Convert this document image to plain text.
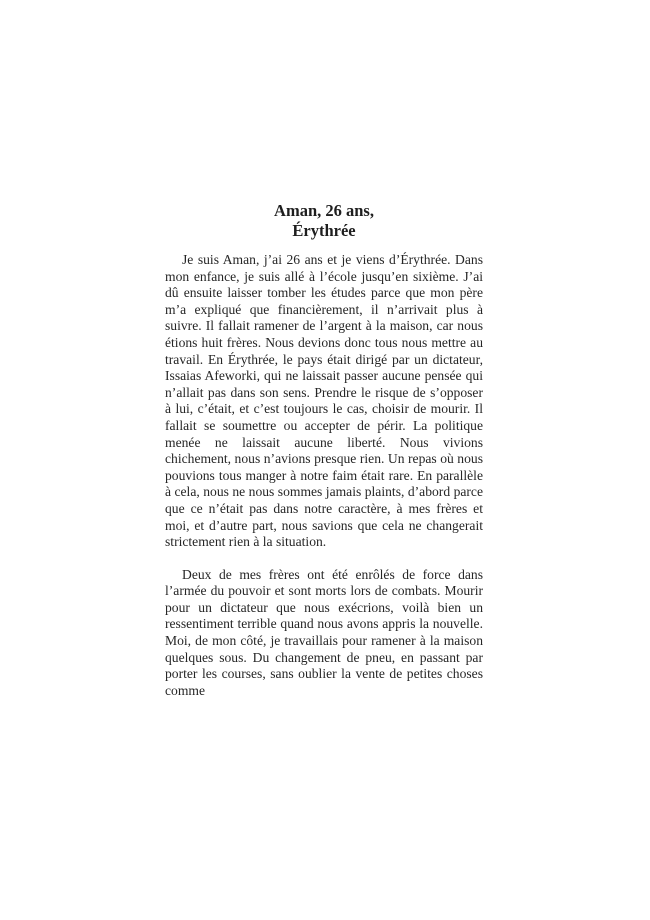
Aman, 26 ans,
Érythrée

Je suis Aman, j’ai 26 ans et je viens d’Érythrée. Dans mon enfance, je suis allé à l’école jusqu’en sixième. J’ai dû ensuite laisser tomber les études parce que mon père m’a expliqué que financièrement, il n’arrivait plus à suivre. Il fallait ramener de l’argent à la maison, car nous étions huit frères. Nous devions donc tous nous mettre au travail. En Érythrée, le pays était dirigé par un dictateur, Issaias Afeworki, qui ne laissait passer aucune pensée qui n’allait pas dans son sens. Prendre le risque de s’opposer à lui, c’était, et c’est toujours le cas, choisir de mourir. Il fallait se soumettre ou accepter de périr. La politique menée ne laissait aucune liberté. Nous vivions chichement, nous n’avions presque rien. Un repas où nous pouvions tous manger à notre faim était rare. En parallèle à cela, nous ne nous sommes jamais plaints, d’abord parce que ce n’était pas dans notre caractère, à mes frères et moi, et d’autre part, nous savions que cela ne changerait strictement rien à la situation.

Deux de mes frères ont été enrôlés de force dans l’armée du pouvoir et sont morts lors de combats. Mourir pour un dictateur que nous exécrions, voilà bien un ressentiment terrible quand nous avons appris la nouvelle. Moi, de mon côté, je travaillais pour ramener à la maison quelques sous. Du changement de pneu, en passant par porter les courses, sans oublier la vente de petites choses comme
